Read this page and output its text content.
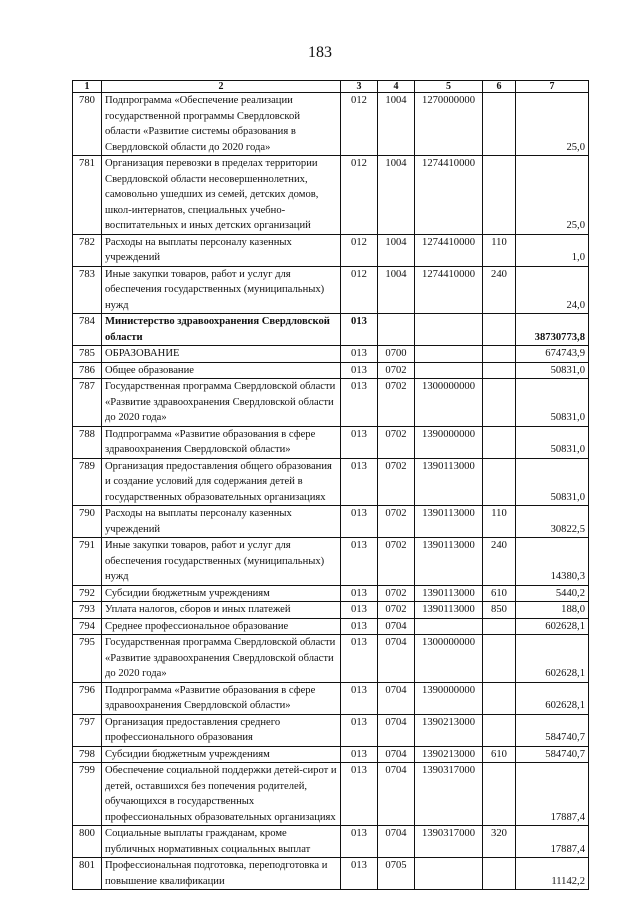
183
1	2	3	4	5	6	7
780	Подпрограмма «Обеспечение реализации государственной программы Свердловской области «Развитие системы образования в Свердловской области до 2020 года»	012	1004	1270000000		25,0
781	Организация перевозки в пределах территории Свердловской области несовершеннолетних, самовольно ушедших из семей, детских домов, школ-интернатов, специальных учебно-воспитательных и иных детских организаций	012	1004	1274410000		25,0
782	Расходы на выплаты персоналу казенных учреждений	012	1004	1274410000	110	1,0
783	Иные закупки товаров, работ и услуг для обеспечения государственных (муниципальных) нужд	012	1004	1274410000	240	24,0
784	Министерство здравоохранения Свердловской области	013				38730773,8
785	ОБРАЗОВАНИЕ	013	0700			674743,9
786	Общее образование	013	0702			50831,0
787	Государственная программа Свердловской области «Развитие здравоохранения Свердловской области до 2020 года»	013	0702	1300000000		50831,0
788	Подпрограмма «Развитие образования в сфере здравоохранения Свердловской области»	013	0702	1390000000		50831,0
789	Организация предоставления общего образования и создание условий для содержания детей в государственных образовательных организациях	013	0702	1390113000		50831,0
790	Расходы на выплаты персоналу казенных учреждений	013	0702	1390113000	110	30822,5
791	Иные закупки товаров, работ и услуг для обеспечения государственных (муниципальных) нужд	013	0702	1390113000	240	14380,3
792	Субсидии бюджетным учреждениям	013	0702	1390113000	610	5440,2
793	Уплата налогов, сборов и иных платежей	013	0702	1390113000	850	188,0
794	Среднее профессиональное образование	013	0704			602628,1
795	Государственная программа Свердловской области «Развитие здравоохранения Свердловской области до 2020 года»	013	0704	1300000000		602628,1
796	Подпрограмма «Развитие образования в сфере здравоохранения Свердловской области»	013	0704	1390000000		602628,1
797	Организация предоставления среднего профессионального образования	013	0704	1390213000		584740,7
798	Субсидии бюджетным учреждениям	013	0704	1390213000	610	584740,7
799	Обеспечение социальной поддержки детей-сирот и детей, оставшихся без попечения родителей, обучающихся в государственных профессиональных образовательных организациях	013	0704	1390317000		17887,4
800	Социальные выплаты гражданам, кроме публичных нормативных социальных выплат	013	0704	1390317000	320	17887,4
801	Профессиональная подготовка, переподготовка и повышение квалификации	013	0705			11142,2
